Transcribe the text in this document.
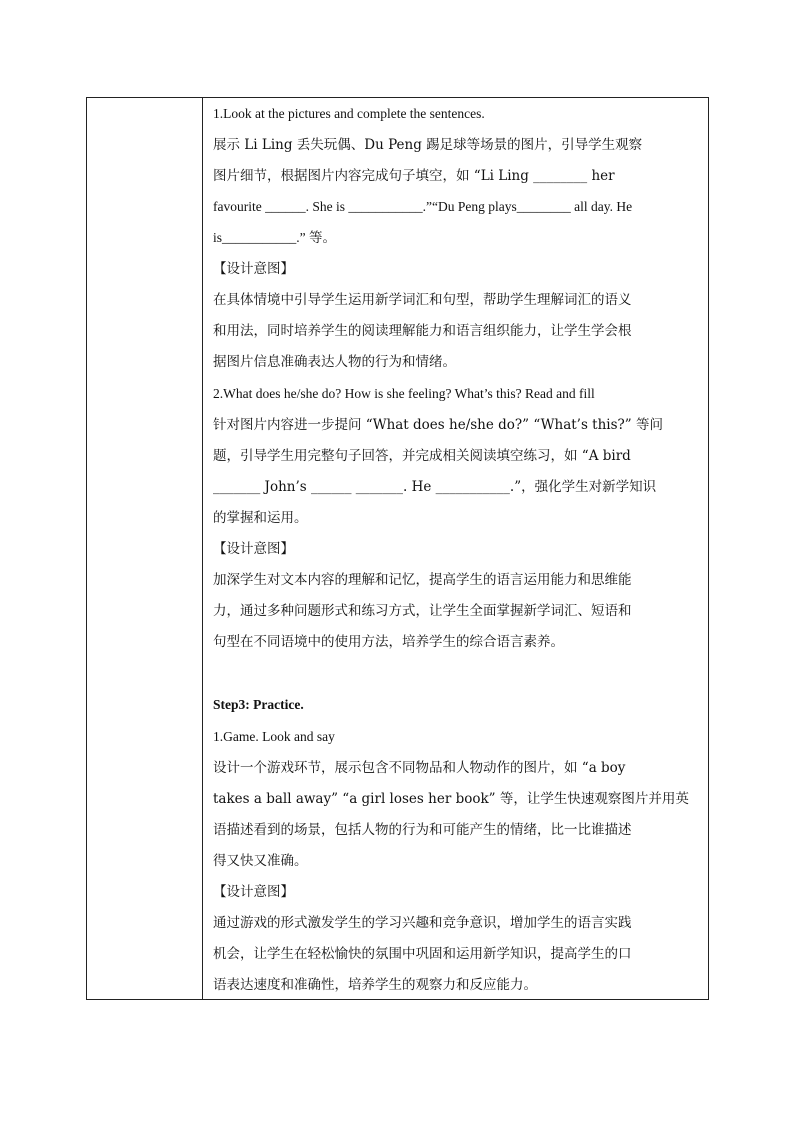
1.Look at the pictures and complete the sentences.
展示 Li Ling 丢失玩偶、Du Peng 踢足球等场景的图片，引导学生观察
图片细节，根据图片内容完成句子填空，如 “Li Ling ________ her
favourite ______. She is ___________.”“Du Peng plays________ all day. He
is___________.” 等。
【设计意图】
在具体情境中引导学生运用新学词汇和句型，帮助学生理解词汇的语义
和用法，同时培养学生的阅读理解能力和语言组织能力，让学生学会根
据图片信息准确表达人物的行为和情绪。
2.What does he/she do? How is she feeling? What’s this? Read and fill
针对图片内容进一步提问 “What does he/she do?” “What’s this?” 等问
题，引导学生用完整句子回答，并完成相关阅读填空练习，如 “A bird
_______ John’s ______ _______. He ___________.”，强化学生对新学知识
的掌握和运用。
【设计意图】
加深学生对文本内容的理解和记忆，提高学生的语言运用能力和思维能
力，通过多种问题形式和练习方式，让学生全面掌握新学词汇、短语和
句型在不同语境中的使用方法，培养学生的综合语言素养。
Step3: Practice.
1.Game. Look and say
设计一个游戏环节，展示包含不同物品和人物动作的图片，如 “a boy
takes a ball away” “a girl loses her book” 等，让学生快速观察图片并用英
语描述看到的场景，包括人物的行为和可能产生的情绪，比一比谁描述
得又快又准确。
【设计意图】
通过游戏的形式激发学生的学习兴趣和竞争意识，增加学生的语言实践
机会，让学生在轻松愉快的氛围中巩固和运用新学知识，提高学生的口
语表达速度和准确性，培养学生的观察力和反应能力。
